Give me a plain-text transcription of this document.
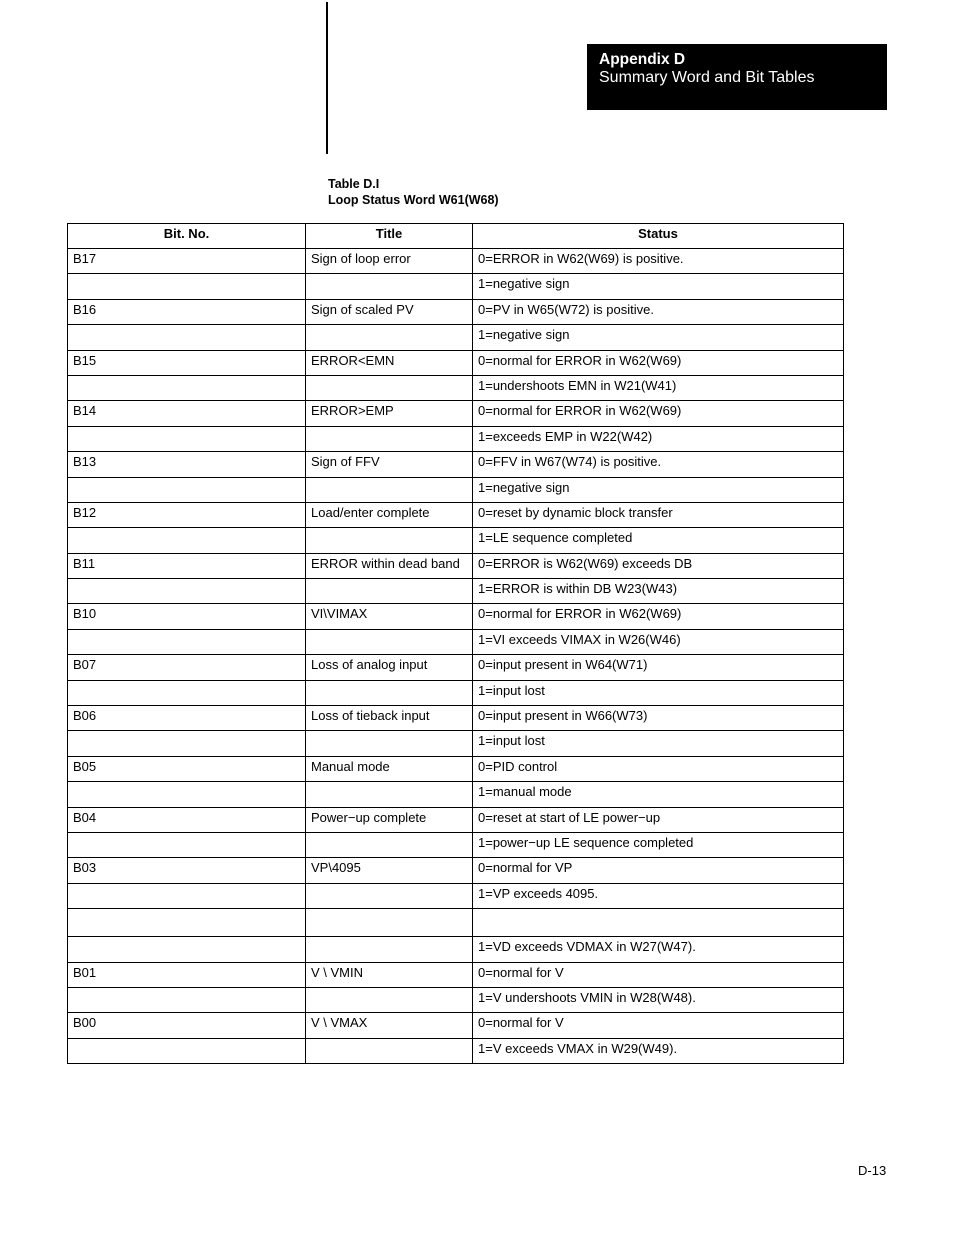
Appendix D
Summary Word and Bit Tables
Table D.I
Loop Status Word W61(W68)
Bit. No.	Title	Status
B17	Sign of loop error	0=ERROR in W62(W69) is positive.
		1=negative sign
B16	Sign of scaled PV	0=PV in W65(W72) is positive.
		1=negative sign
B15	ERROR<EMN	0=normal for ERROR in W62(W69)
		1=undershoots EMN in W21(W41)
B14	ERROR>EMP	0=normal for ERROR in W62(W69)
		1=exceeds EMP in W22(W42)
B13	Sign of FFV	0=FFV in W67(W74) is positive.
		1=negative sign
B12	Load/enter complete	0=reset by dynamic block transfer
		1=LE sequence completed
B11	ERROR within dead band	0=ERROR is W62(W69) exceeds DB
		1=ERROR is within DB W23(W43)
B10	VI\VIMAX	0=normal for ERROR in W62(W69)
		1=VI exceeds VIMAX in W26(W46)
B07	Loss of analog input	0=input present in W64(W71)
		1=input lost
B06	Loss of tieback input	0=input present in W66(W73)
		1=input lost
B05	Manual mode	0=PID control
		1=manual mode
B04	Power−up complete	0=reset at start of LE power−up
		1=power−up LE sequence completed
B03	VP\4095	0=normal for VP
		1=VP exceeds 4095.

		1=VD exceeds VDMAX in W27(W47).
B01	V \ VMIN	0=normal for V
		1=V undershoots VMIN in W28(W48).
B00	V \ VMAX	0=normal for V
		1=V exceeds VMAX in W29(W49).
D-13
